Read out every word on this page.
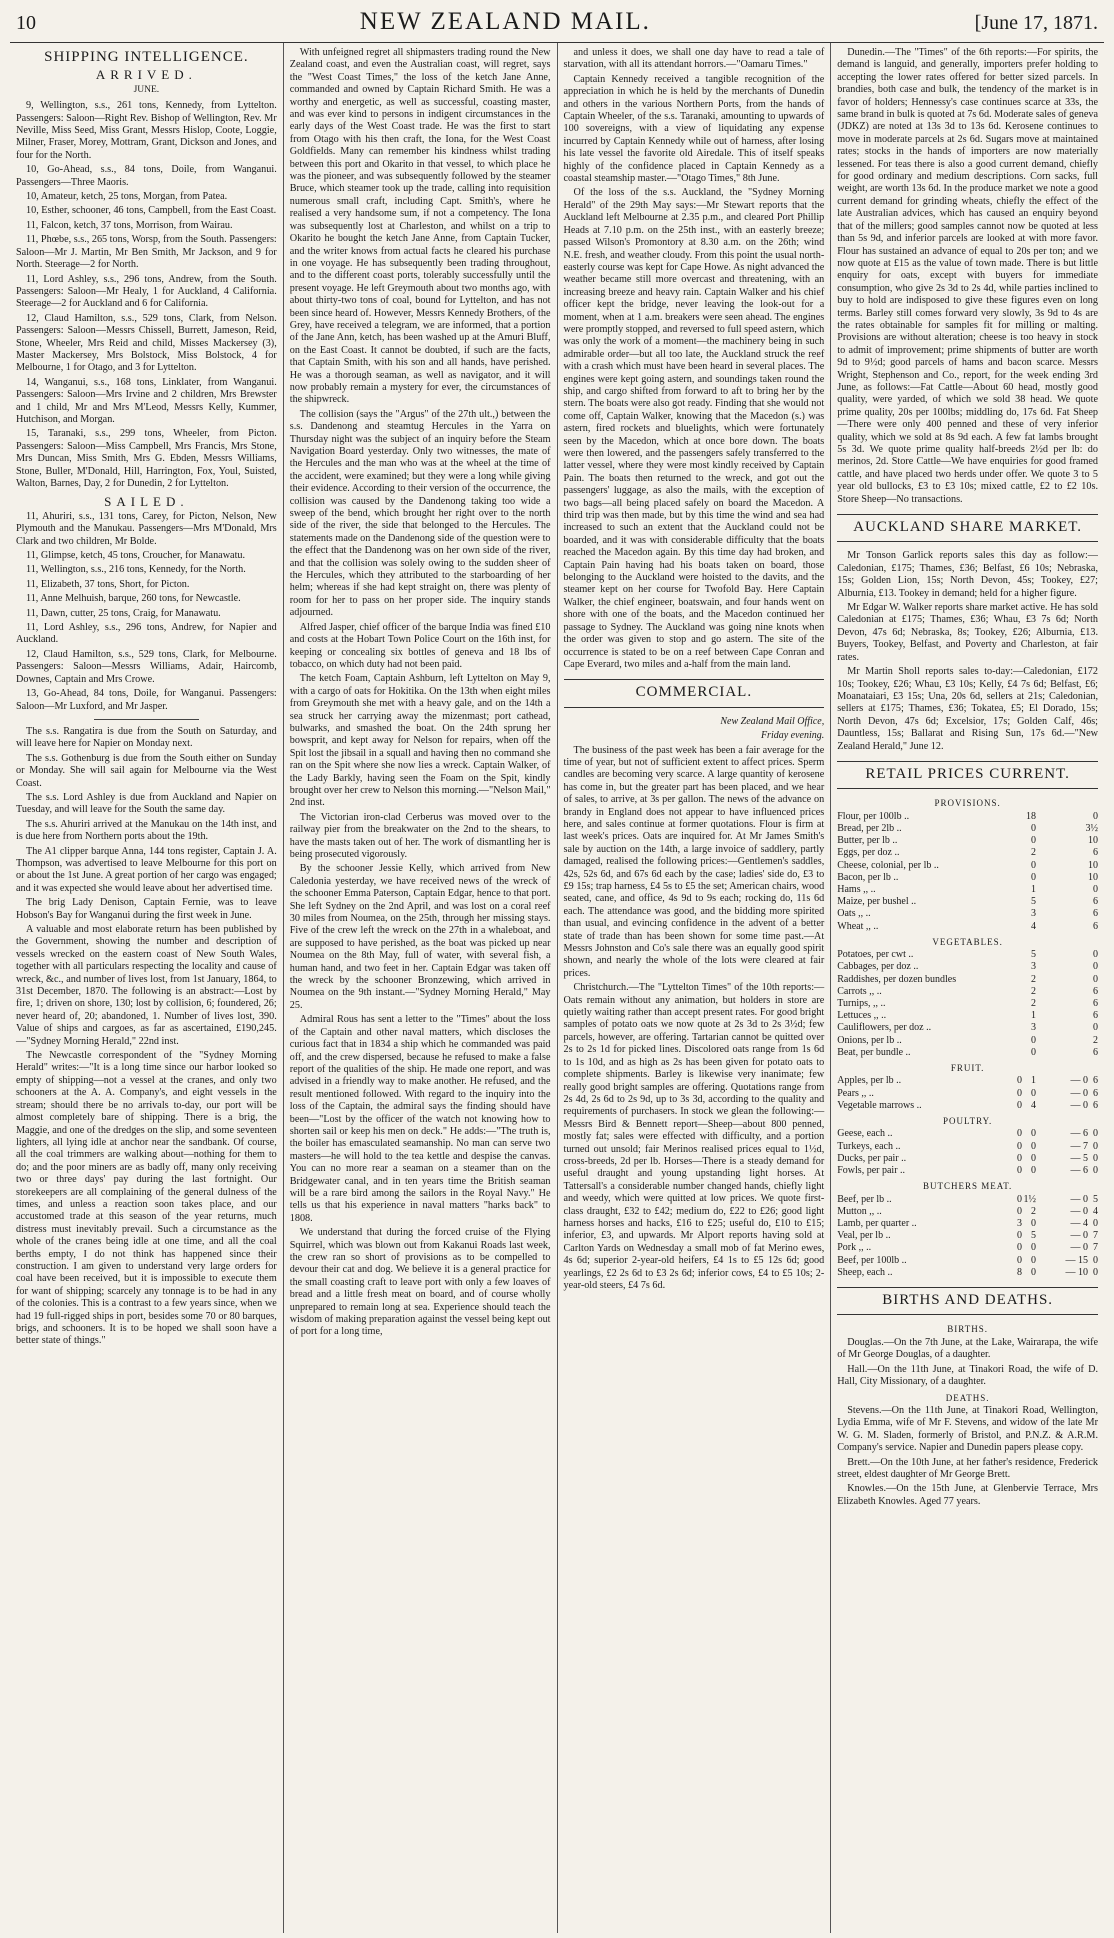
10	NEW ZEALAND MAIL.	[June 17, 1871.
SHIPPING INTELLIGENCE.
ARRIVED.
JUNE.

9, Wellington, s.s., 261 tons, Kennedy, from Lyttelton. Passengers: Saloon—Right Rev. Bishop of Wellington, Rev. Mr Neville, Miss Seed, Miss Grant, Messrs Hislop, Coote, Loggie, Milner, Fraser, Morey, Mottram, Grant, Dickson and Jones, and four for the North.

10, Go-Ahead, s.s., 84 tons, Doile, from Wanganui. Passengers—Three Maoris.

10, Amateur, ketch, 25 tons, Morgan, from Patea.

10, Esther, schooner, 46 tons, Campbell, from the East Coast.

11, Falcon, ketch, 37 tons, Morrison, from Wairau.

11, Phœbe, s.s., 265 tons, Worsp, from the South. Passengers: Saloon—Mr J. Martin, Mr Ben Smith, Mr Jackson, and 9 for North. Steerage—2 for North.

11, Lord Ashley, s.s., 296 tons, Andrew, from the South. Passengers: Saloon—Mr Healy, 1 for Auckland, 4 California. Steerage—2 for Auckland and 6 for California.

12, Claud Hamilton, s.s., 529 tons, Clark, from Nelson. Passengers: Saloon—Messrs Chissell, Burrett, Jameson, Reid, Stone, Wheeler, Mrs Reid and child, Misses Mackersey (3), Master Mackersey, Mrs Bolstock, Miss Bolstock, 4 for Melbourne, 1 for Otago, and 3 for Lyttelton.

14, Wanganui, s.s., 168 tons, Linklater, from Wanganui. Passengers: Saloon—Mrs Irvine and 2 children, Mrs Brewster and 1 child, Mr and Mrs M'Leod, Messrs Kelly, Kummer, Hutchison, and Morgan.

15, Taranaki, s.s., 299 tons, Wheeler, from Picton. Passengers: Saloon—Miss Campbell, Mrs Francis, Mrs Stone, Mrs Duncan, Miss Smith, Mrs G. Ebden, Messrs Williams, Stone, Buller, M'Donald, Hill, Harrington, Fox, Youl, Suisted, Walton, Barnes, Day, 2 for Dunedin, 2 for Lyttelton.

SAILED.

11, Ahuriri, s.s., 131 tons, Carey, for Picton, Nelson, New Plymouth and the Manukau. Passengers—Mrs M'Donald, Mrs Clark and two children, Mr Bolde.

11, Glimpse, ketch, 45 tons, Croucher, for Manawatu.

11, Wellington, s.s., 216 tons, Kennedy, for the North.

11, Elizabeth, 37 tons, Short, for Picton.

11, Anne Melhuish, barque, 260 tons, for Newcastle.

11, Dawn, cutter, 25 tons, Craig, for Manawatu.

11, Lord Ashley, s.s., 296 tons, Andrew, for Napier and Auckland.

12, Claud Hamilton, s.s., 529 tons, Clark, for Melbourne. Passengers: Saloon—Messrs Williams, Adair, Haircomb, Downes, Captain and Mrs Crowe.

13, Go-Ahead, 84 tons, Doile, for Wanganui. Passengers: Saloon—Mr Luxford, and Mr Jasper.

The s.s. Rangatira is due from the South on Saturday, and will leave here for Napier on Monday next.

The s.s. Gothenburg is due from the South either on Sunday or Monday. She will sail again for Melbourne via the West Coast.

The s.s. Lord Ashley is due from Auckland and Napier on Tuesday, and will leave for the South the same day.

The s.s. Ahuriri arrived at the Manukau on the 14th inst, and is due here from Northern ports about the 19th.

The A1 clipper barque Anna, 144 tons register, Captain J. A. Thompson, was advertised to leave Melbourne for this port on or about the 1st June. A great portion of her cargo was engaged; and it was expected she would leave about her advertised time.

The brig Lady Denison, Captain Fernie, was to leave Hobson's Bay for Wanganui during the first week in June.

A valuable and most elaborate return has been published by the Government, showing the number and description of vessels wrecked on the eastern coast of New South Wales, together with all particulars respecting the locality and cause of wreck, &c., and number of lives lost, from 1st January, 1864, to 31st December, 1870. The following is an abstract:—Lost by fire, 1; driven on shore, 130; lost by collision, 6; foundered, 26; never heard of, 20; abandoned, 1. Number of lives lost, 390. Value of ships and cargoes, as far as ascertained, £190,245.—"Sydney Morning Herald," 22nd inst.

The Newcastle correspondent of the "Sydney Morning Herald" writes:—"It is a long time since our harbor looked so empty of shipping—not a vessel at the cranes, and only two schooners at the A. A. Company's, and eight vessels in the stream; should there be no arrivals to-day, our port will be almost completely bare of shipping. There is a brig, the Maggie, and one of the dredges on the slip, and some seventeen lighters, all lying idle at anchor near the sandbank. Of course, all the coal trimmers are walking about—nothing for them to do; and the poor miners are as badly off, many only receiving two or three days' pay during the last fortnight. Our storekeepers are all complaining of the general dulness of the times, and unless a reaction soon takes place, and our accustomed trade at this season of the year returns, much distress must inevitably prevail. Such a circumstance as the whole of the cranes being idle at one time, and all the coal berths empty, I do not think has happened since their construction. I am given to understand very large orders for coal have been received, but it is impossible to execute them for want of shipping; scarcely any tonnage is to be had in any of the colonies. This is a contrast to a few years since, when we had 19 full-rigged ships in port, besides some 70 or 80 barques, brigs, and schooners. It is to be hoped we shall soon have a better state of things."

With unfeigned regret all shipmasters trading round the New Zealand coast, and even the Australian coast, will regret, says the "West Coast Times," the loss of the ketch Jane Anne, commanded and owned by Captain Richard Smith. He was a worthy and energetic, as well as successful, coasting master, and was ever kind to persons in indigent circumstances in the early days of the West Coast trade. He was the first to start from Otago with his then craft, the Iona, for the West Coast Goldfields. Many can remember his kindness whilst trading between this port and Okarito in that vessel, to which place he was the pioneer, and was subsequently followed by the steamer Bruce, which steamer took up the trade, calling into requisition numerous small craft, including Capt. Smith's, where he realised a very handsome sum, if not a competency. The Iona was subsequently lost at Charleston, and whilst on a trip to Okarito he bought the ketch Jane Anne, from Captain Tucker, and the writer knows from actual facts he cleared his purchase in one voyage. He has subsequently been trading throughout, and to the different coast ports, tolerably successfully until the present voyage. He left Greymouth about two months ago, with about thirty-two tons of coal, bound for Lyttelton, and has not been since heard of. However, Messrs Kennedy Brothers, of the Grey, have received a telegram, we are informed, that a portion of the Jane Ann, ketch, has been washed up at the Amuri Bluff, on the East Coast. It cannot be doubted, if such are the facts, that Captain Smith, with his son and all hands, have perished. He was a thorough seaman, as well as navigator, and it will now probably remain a mystery for ever, the circumstances of the shipwreck.

The collision (says the "Argus" of the 27th ult.,) between the s.s. Dandenong and steamtug Hercules in the Yarra on Thursday night was the subject of an inquiry before the Steam Navigation Board yesterday. Only two witnesses, the mate of the Hercules and the man who was at the wheel at the time of the accident, were examined; but they were a long while giving their evidence. According to their version of the occurrence, the collision was caused by the Dandenong taking too wide a sweep of the bend, which brought her right over to the north side of the river, the side that belonged to the Hercules. The statements made on the Dandenong side of the question were to the effect that the Dandenong was on her own side of the river, and that the collision was solely owing to the sudden sheer of the Hercules, which they attributed to the starboarding of her helm; whereas if she had kept straight on, there was plenty of room for her to pass on her proper side. The inquiry stands adjourned.

Alfred Jasper, chief officer of the barque India was fined £10 and costs at the Hobart Town Police Court on the 16th inst, for keeping or concealing six bottles of geneva and 18 lbs of tobacco, on which duty had not been paid.

The ketch Foam, Captain Ashburn, left Lyttelton on May 9, with a cargo of oats for Hokitika. On the 13th when eight miles from Greymouth she met with a heavy gale, and on the 14th a sea struck her carrying away the mizenmast; port cathead, bulwarks, and smashed the boat. On the 24th sprung her bowsprit, and kept away for Nelson for repairs, when off the Spit lost the jibsail in a squall and having then no command she ran on the Spit where she now lies a wreck. Captain Walker, of the Lady Barkly, having seen the Foam on the Spit, kindly brought over her crew to Nelson this morning.—"Nelson Mail," 2nd inst.

The Victorian iron-clad Cerberus was moved over to the railway pier from the breakwater on the 2nd to the shears, to have the masts taken out of her. The work of dismantling her is being prosecuted vigorously.

By the schooner Jessie Kelly, which arrived from New Caledonia yesterday, we have received news of the wreck of the schooner Emma Paterson, Captain Edgar, hence to that port. She left Sydney on the 2nd April, and was lost on a coral reef 30 miles from Noumea, on the 25th, through her missing stays. Five of the crew left the wreck on the 27th in a whaleboat, and are supposed to have perished, as the boat was picked up near Noumea on the 8th May, full of water, with several fish, a human hand, and two feet in her. Captain Edgar was taken off the wreck by the schooner Bronzewing, which arrived in Noumea on the 9th instant.—"Sydney Morning Herald," May 25.

Admiral Rous has sent a letter to the "Times" about the loss of the Captain and other naval matters, which discloses the curious fact that in 1834 a ship which he commanded was paid off, and the crew dispersed, because he refused to make a false report of the qualities of the ship. He made one report, and was advised in a friendly way to make another. He refused, and the result mentioned followed. With regard to the inquiry into the loss of the Captain, the admiral says the finding should have been—"Lost by the officer of the watch not knowing how to shorten sail or keep his men on deck." He adds:—"The truth is, the boiler has emasculated seamanship. No man can serve two masters—he will hold to the tea kettle and despise the canvas. You can no more rear a seaman on a steamer than on the Bridgewater canal, and in ten years time the British seaman will be a rare bird among the sailors in the Royal Navy." He tells us that his experience in naval matters "harks back" to 1808.

We understand that during the forced cruise of the Flying Squirrel, which was blown out from Kakanui Roads last week, the crew ran so short of provisions as to be compelled to devour their cat and dog. We believe it is a general practice for the small coasting craft to leave port with only a few loaves of bread and a little fresh meat on board, and of course wholly unprepared to remain long at sea. Experience should teach the wisdom of making preparation against the vessel being kept out of port for a long time,

and unless it does, we shall one day have to read a tale of starvation, with all its attendant horrors.—"Oamaru Times."

Captain Kennedy received a tangible recognition of the appreciation in which he is held by the merchants of Dunedin and others in the various Northern Ports, from the hands of Captain Wheeler, of the s.s. Taranaki, amounting to upwards of 100 sovereigns, with a view of liquidating any expense incurred by Captain Kennedy while out of harness, after losing his late vessel the favorite old Airedale. This of itself speaks highly of the confidence placed in Captain Kennedy as a coastal steamship master.—"Otago Times," 8th June.

Of the loss of the s.s. Auckland, the "Sydney Morning Herald" of the 29th May says:—Mr Stewart reports that the Auckland left Melbourne at 2.35 p.m., and cleared Port Phillip Heads at 7.10 p.m. on the 25th inst., with an easterly breeze; passed Wilson's Promontory at 8.30 a.m. on the 26th; wind N.E. fresh, and weather cloudy. From this point the usual north-easterly course was kept for Cape Howe. As night advanced the weather became still more overcast and threatening, with an increasing breeze and heavy rain. Captain Walker and his chief officer kept the bridge, never leaving the look-out for a moment, when at 1 a.m. breakers were seen ahead. The engines were promptly stopped, and reversed to full speed astern, which was only the work of a moment—the machinery being in such admirable order—but all too late, the Auckland struck the reef with a crash which must have been heard in several places. The engines were kept going astern, and soundings taken round the ship, and cargo shifted from forward to aft to bring her by the stern. The boats were also got ready. Finding that she would not come off, Captain Walker, knowing that the Macedon (s.) was astern, fired rockets and bluelights, which were fortunately seen by the Macedon, which at once bore down. The boats were then lowered, and the passengers safely transferred to the latter vessel, where they were most kindly received by Captain Pain. The boats then returned to the wreck, and got out the passengers' luggage, as also the mails, with the exception of two bags—all being placed safely on board the Macedon. A third trip was then made, but by this time the wind and sea had increased to such an extent that the Auckland could not be boarded, and it was with considerable difficulty that the boats reached the Macedon again. By this time day had broken, and Captain Pain having had his boats taken on board, those belonging to the Auckland were hoisted to the davits, and the steamer kept on her course for Twofold Bay. Here Captain Walker, the chief engineer, boatswain, and four hands went on shore with one of the boats, and the Macedon continued her passage to Sydney. The Auckland was going nine knots when the order was given to stop and go astern. The site of the occurrence is stated to be on a reef between Cape Conran and Cape Everard, two miles and a-half from the main land.

COMMERCIAL.
New Zealand Mail Office,
Friday evening.

The business of the past week has been a fair average for the time of year, but not of sufficient extent to affect prices. Sperm candles are becoming very scarce. A large quantity of kerosene has come in, but the greater part has been placed, and we hear of sales, to arrive, at 3s per gallon. The news of the advance on brandy in England does not appear to have influenced prices here, and sales continue at former quotations. Flour is firm at last week's prices. Oats are inquired for. At Mr James Smith's sale by auction on the 14th, a large invoice of saddlery, partly damaged, realised the following prices:—Gentlemen's saddles, 42s, 52s 6d, and 67s 6d each by the case; ladies' side do, £3 to £9 15s; trap harness, £4 5s to £5 the set; American chairs, wood seated, cane, and office, 4s 9d to 9s each; rocking do, 11s 6d each. The attendance was good, and the bidding more spirited than usual, and evincing confidence in the advent of a better state of trade than has been shown for some time past.—At Messrs Johnston and Co's sale there was an equally good spirit shown, and nearly the whole of the lots were cleared at fair prices.

Christchurch.—The "Lyttelton Times" of the 10th reports:—Oats remain without any animation, but holders in store are quietly waiting rather than accept present rates. For good bright samples of potato oats we now quote at 2s 3d to 2s 3½d; few parcels, however, are offering. Tartarian cannot be quitted over 2s to 2s 1d for picked lines. Discolored oats range from 1s 6d to 1s 10d, and as high as 2s has been given for potato oats to complete shipments. Barley is likewise very inanimate; few really good bright samples are offering. Quotations range from 2s 4d, 2s 6d to 2s 9d, up to 3s 3d, according to the quality and requirements of purchasers. In stock we glean the following:—Messrs Bird & Bennett report—Sheep—about 800 penned, mostly fat; sales were effected with difficulty, and a portion turned out unsold; fair Merinos realised prices equal to 1½d, cross-breeds, 2d per lb. Horses—There is a steady demand for useful draught and young upstanding light horses. At Tattersall's a considerable number changed hands, chiefly light and weedy, which were quitted at low prices. We quote first-class draught, £32 to £42; medium do, £22 to £26; good light harness horses and hacks, £16 to £25; useful do, £10 to £15; inferior, £3, and upwards. Mr Alport reports having sold at Carlton Yards on Wednesday a small mob of fat Merino ewes, 4s 6d; superior 2-year-old heifers, £4 1s to £5 12s 6d; good yearlings, £2 2s 6d to £3 2s 6d; inferior cows, £4 to £5 10s; 2-year-old steers, £4 7s 6d.

Dunedin.—The "Times" of the 6th reports:—For spirits, the demand is languid, and generally, importers prefer holding to accepting the lower rates offered for better sized parcels. In brandies, both case and bulk, the tendency of the market is in favor of holders; Hennessy's case continues scarce at 33s, the same brand in bulk is quoted at 7s 6d. Moderate sales of geneva (JDKZ) are noted at 13s 3d to 13s 6d. Kerosene continues to move in moderate parcels at 2s 6d. Sugars move at maintained rates; stocks in the hands of importers are now materially lessened. For teas there is also a good current demand, chiefly for good ordinary and medium descriptions. Corn sacks, full weight, are worth 13s 6d. In the produce market we note a good current demand for grinding wheats, chiefly the effect of the late Australian advices, which has caused an enquiry beyond that of the millers; good samples cannot now be quoted at less than 5s 9d, and inferior parcels are looked at with more favor. Flour has sustained an advance of equal to 20s per ton; and we now quote at £15 as the value of town made. There is but little enquiry for oats, except with buyers for immediate consumption, who give 2s 3d to 2s 4d, while parties inclined to buy to hold are indisposed to give these figures even on long terms. Barley still comes forward very slowly, 3s 9d to 4s are the rates obtainable for samples fit for milling or malting. Provisions are without alteration; cheese is too heavy in stock to admit of improvement; prime shipments of butter are worth 9d to 9½d; good parcels of hams and bacon scarce. Messrs Wright, Stephenson and Co., report, for the week ending 3rd June, as follows:—Fat Cattle—About 60 head, mostly good quality, were yarded, of which we sold 38 head. We quote prime quality, 20s per 100lbs; middling do, 17s 6d. Fat Sheep—There were only 400 penned and these of very inferior quality, which we sold at 8s 9d each. A few fat lambs brought 5s 3d. We quote prime quality half-breeds 2½d per lb: do merinos, 2d. Store Cattle—We have enquiries for good framed cattle, and have placed two herds under offer. We quote 3 to 5 year old bullocks, £3 to £3 10s; mixed cattle, £2 to £2 10s. Store Sheep—No transactions.

AUCKLAND SHARE MARKET.

Mr Tonson Garlick reports sales this day as follow:—Caledonian, £175; Thames, £36; Belfast, £6 10s; Nebraska, 15s; Golden Lion, 15s; North Devon, 45s; Tookey, £27; Alburnia, £13. Tookey in demand; held for a higher figure.

Mr Edgar W. Walker reports share market active. He has sold Caledonian at £175; Thames, £36; Whau, £3 7s 6d; North Devon, 47s 6d; Nebraska, 8s; Tookey, £26; Alburnia, £13. Buyers, Tookey, Belfast, and Poverty and Charleston, at fair rates.

Mr Martin Sholl reports sales to-day:—Caledonian, £172 10s; Tookey, £26; Whau, £3 10s; Kelly, £4 7s 6d; Belfast, £6; Moanataiari, £3 15s; Una, 20s 6d, sellers at 21s; Caledonian, sellers at £175; Thames, £36; Tokatea, £5; El Dorado, 15s; North Devon, 47s 6d; Excelsior, 17s; Golden Calf, 46s; Dauntless, 15s; Ballarat and Rising Sun, 17s 6d.—"New Zealand Herald," June 12.

RETAIL PRICES CURRENT.
PROVISIONS.
Flour, per 100lb ..		18	0
Bread, per 2lb ..		0	3½
Butter, per lb ..		0	10
Eggs, per doz ..		2	6
Cheese, colonial, per lb ..		0	10
Bacon, per lb ..		0	10
Hams ,, ..		1	0
Maize, per bushel ..		5	6
Oats ,, ..		3	6
Wheat ,, ..		4	6
VEGETABLES.
Potatoes, per cwt ..		5	0
Cabbages, per doz ..		3	0
Raddishes, per dozen bundles		2	0
Carrots ,, ..		2	6
Turnips, ,, ..		2	6
Lettuces ,, ..		1	6
Cauliflowers, per doz ..		3	0
Onions, per lb ..		0	2
Beat, per bundle ..		0	6
FRUIT.
Apples, per lb ..	0	1	— 0  6
Pears ,, ..	0	0	— 0  6
Vegetable marrows ..	0	4	— 0  6
POULTRY.
Geese, each ..	0	0	— 6  0
Turkeys, each ..	0	0	— 7  0
Ducks, per pair ..	0	0	— 5  0
Fowls, per pair ..	0	0	— 6  0
BUTCHERS MEAT.
Beef, per lb ..	0	1½	— 0  5
Mutton ,, ..	0	2	— 0  4
Lamb, per quarter ..	3	0	— 4  0
Veal, per lb ..	0	5	— 0  7
Pork ,, ..	0	0	— 0  7
Beef, per 100lb ..	0	0	— 15  0
Sheep, each ..	8	0	— 10  0
BIRTHS AND DEATHS.
BIRTHS.

Douglas.—On the 7th June, at the Lake, Wairarapa, the wife of Mr George Douglas, of a daughter.

Hall.—On the 11th June, at Tinakori Road, the wife of D. Hall, City Missionary, of a daughter.

DEATHS.

Stevens.—On the 11th June, at Tinakori Road, Wellington, Lydia Emma, wife of Mr F. Stevens, and widow of the late Mr W. G. M. Sladen, formerly of Bristol, and P.N.Z. & A.R.M. Company's service. Napier and Dunedin papers please copy.

Brett.—On the 10th June, at her father's residence, Frederick street, eldest daughter of Mr George Brett.

Knowles.—On the 15th June, at Glenbervie Terrace, Mrs Elizabeth Knowles. Aged 77 years.
